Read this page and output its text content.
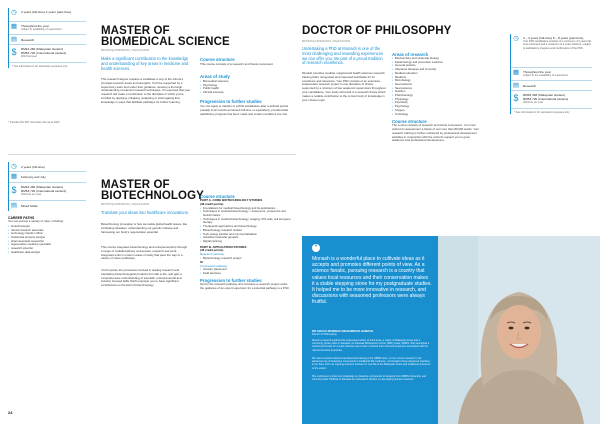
◷	2 years (full-time) 4 years (part-time)
▦ Throughout the year
subject to availability of supervisors
▤ Research
$	RM44,460 (Malaysian student)
RM54,720 (International student)
2024 fee/year
* Fee information is for estimation purposes only
* Includes 6% SST and tuition fee as at 2024
MASTER OF
BIOMEDICAL SCIENCE
MPOP/OQA/000000/001 | MQA/FA/0000
Make a significant contribution to the knowledge and understanding of key areas in medicine and health sciences.
This research degree requires a candidate in any of the school's principal research areas and strengths. You'll be supported by a supervisory team and under their guidance, develop a thorough understanding of relevant research techniques. It's expected that your research will make a contribution to the discipline in which you're enrolled by applying, critiquing, analysing or interrogating that knowledge in ways that facilitate pathways for further learning.
Course structure
This course consists of a research and thesis component.
Areas of study
• Biomedical sciences
• Psychology
• Public health
• Clinical sciences
Progression to further studies
You can apply to transfer to a PhD candidature after a defined period (usually 9-12 months enrolment full-time or equivalent), provided that satisfactory progress has been made and certain conditions are met.
◷	2 years (full-time)
▦ February and July
$	RM44,460 (Malaysian student)
RM54,720 (International student)
2024 fee per year
▤ Mixed Mode
CAREER PATHS
You can pursue a variety of roles, including:
• biotechnologist
• clinical research associate
• technology transfer officer
• intellectual property analyst
• pharmaceutical researcher
• regenerative medicine specialist
• research scientist
• healthcare data analyst
MASTER OF
BIOTECHNOLOGY
MPOP/OQA/000000/001 | MQA/FA/0000
Translate your ideas into healthcare innovations.
Biotechnology innovation is how we tackle global health issues, like combating diseases, understanding our genetic makeup and harnessing our body's regenerative potential.
This course integrates biotechnology and entrepreneurship through a range of multidisciplinary coursework, research and work-integrated units in modern areas of study that pave the way to a variety of career pathways.
You'll explore the processes involved in leading research and translating biotechnological products from lab to life, and gain a comprehensive understanding of scientific, entrepreneurial and industry focused skills that'll empower you to have significant contributions to the field of biotechnology.
Course structure
PART A. CORE BIOTECHNOLOGY STUDIES
(48 credit points)
• Foundations for medical biotechnology and its applications
• Techniques in medical biotechnology – biosensors, proteomics and bioinformatics
• Techniques in medical biotechnology: imaging, IPS cells, cell and gene therapy
• Therapeutic approaches and biotechnology
• Biotechnology research studies
• Tech-nology transfer and commercialisation
• Industrial molecular genetics
• Digital twinning
PART B. APPLICATION STUDIES
(48 credit points)
Research pathway:
• Biotechnology research project
Or
Coursework pathway:
• Industry placement
• Field electives
Progression to further studies
Opt for the research pathway and complete a research project under the guidance of an expert supervisor for a potential pathway to a PhD.
24
DOCTOR OF PHILOSOPHY
MPOP/OQA/000000/001 | MQA/FA/0000
Undertaking a PhD at Monash is one of the most challenging and rewarding experiences we can offer you. Be part of a proud tradition of research excellence.
Monash provides medical, surgical and health sciences research training that's recognised and respected worldwide for its excellence and relevance. Your PhD consists of an extensive, independent research project in one discipline of choice, supported by a minimum of two academic supervisors throughout your candidature. Your study will result in a research thesis which makes a notable contribution to the current body of knowledge in your chosen topic.
Areas of research
• Biochemistry and molecular biology
• Epidemiology and preventive medicine
• General practice
• Infectious diseases and immunity
• Medical education
• Medicine
• Microbiology
• Neuroscience
• Neuroscience
• Nutrition
• Pharmacology
• Physiology
• Psychiatry
• Psychology
• Surgery
• Toxicology
Course structure
The course consists of research and thesis component. You must submit for assessment a thesis of not more than 80,000 words. Your research training is further enhanced by professional development activities in conjunction with the school's support you to grow academic and professional development.
◷	3 – 4 years (full-time) 6 – 8 years (part-time)
Your PhD candidature consists of a minimum of 3 years full-time enrolment and a maximum of 4 years full-time, subject to satisfactory progress and confirmation of the PhD.
▦ Throughout the year
subject to the availability of supervisors
▤ Research
$	RM45,483 (Malaysian student)
RM54,720 (International student)
2024 fee per year
* Fee information is for estimation purposes only
“
Monash is a wonderful place to cultivate ideas as it accepts and promotes different points of view. As a science fanatic, pursuing research is a country that values local resources and their conservation makes it a stable stepping stone for my postgraduate studies. It helped me to be more innovative in research, and discussions with seasoned professors were always fruitful.
DR SHAZA MUNIRAH MOHAMMAD HAMZAH
Doctor of Philosophy
Shaza's research explored the plant-based effect of dried lerek, a native of Malaysian forest and a commonly grown plant in Sarawak, its Sarawak Biodiversity Centre (SBC) scale, NBIBS. She developed a method previously for a quick effective way to also minimise their chemical properties associated with the natural chemical properties.
She also received advanced professional training at the NBIBS sites, on her current research in the advanced use of bioactives compounds in traditional SE medicines, and besides these advanced practices in her field, she's an ongoing research adviser her new life at the Malaysian forest and traditional resources to the extent.
She continues to share her knowledge on bioactive compounds to students from NBIBS University, and currently leads Ofsfihaa in Sarawak as a Research director on developing human resources.
